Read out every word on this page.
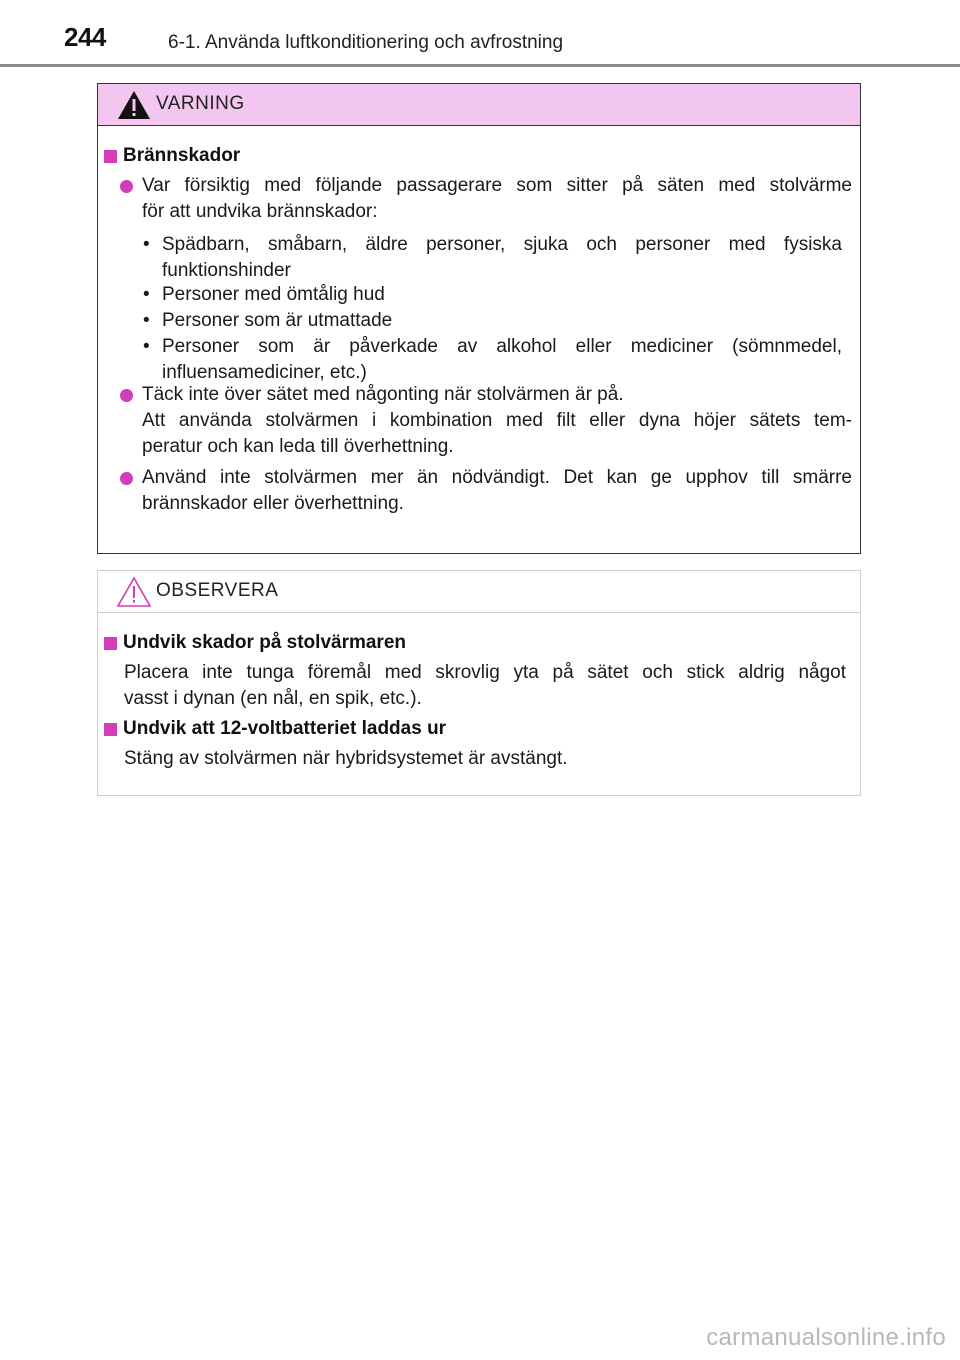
244	6-1. Använda luftkonditionering och avfrostning
VARNING
Brännskador
Var försiktig med följande passagerare som sitter på säten med stolvärme
för att undvika brännskador:
• Spädbarn, småbarn, äldre personer, sjuka och personer med fysiska funktionshinder
• Personer med ömtålig hud
• Personer som är utmattade
• Personer som är påverkade av alkohol eller mediciner (sömnmedel, influensamediciner, etc.)
Täck inte över sätet med någonting när stolvärmen är på.
Att använda stolvärmen i kombination med filt eller dyna höjer sätets tem-
peratur och kan leda till överhettning.
Använd inte stolvärmen mer än nödvändigt. Det kan ge upphov till smärre
brännskador eller överhettning.
OBSERVERA
Undvik skador på stolvärmaren
Placera inte tunga föremål med skrovlig yta på sätet och stick aldrig något
vasst i dynan (en nål, en spik, etc.).
Undvik att 12-voltbatteriet laddas ur
Stäng av stolvärmen när hybridsystemet är avstängt.
carmanualsonline.info
